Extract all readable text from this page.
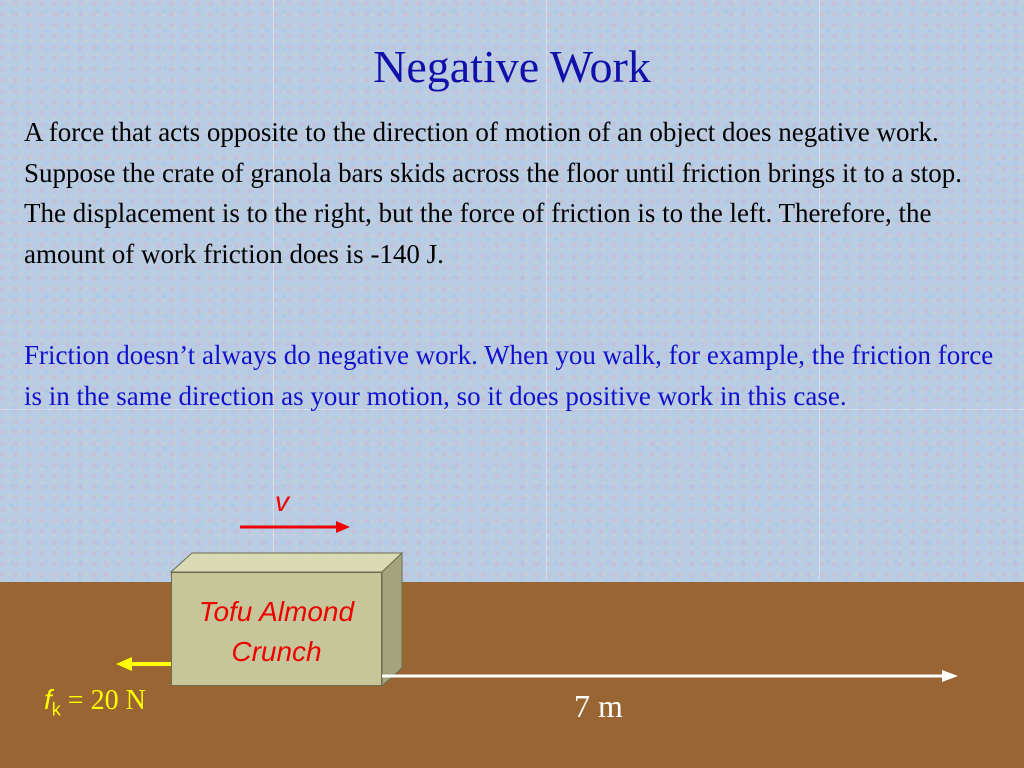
Negative Work

A force that acts opposite to the direction of motion of an object does negative work. Suppose the crate of granola bars skids across the floor until friction brings it to a stop. The displacement is to the right, but the force of friction is to the left. Therefore, the amount of work friction does is -140 J.

Friction doesn’t always do negative work. When you walk, for example, the friction force is in the same direction as your motion, so it does positive work in this case.

Tofu Almond
Crunch
v
$f_k = 20$ N	7 m
